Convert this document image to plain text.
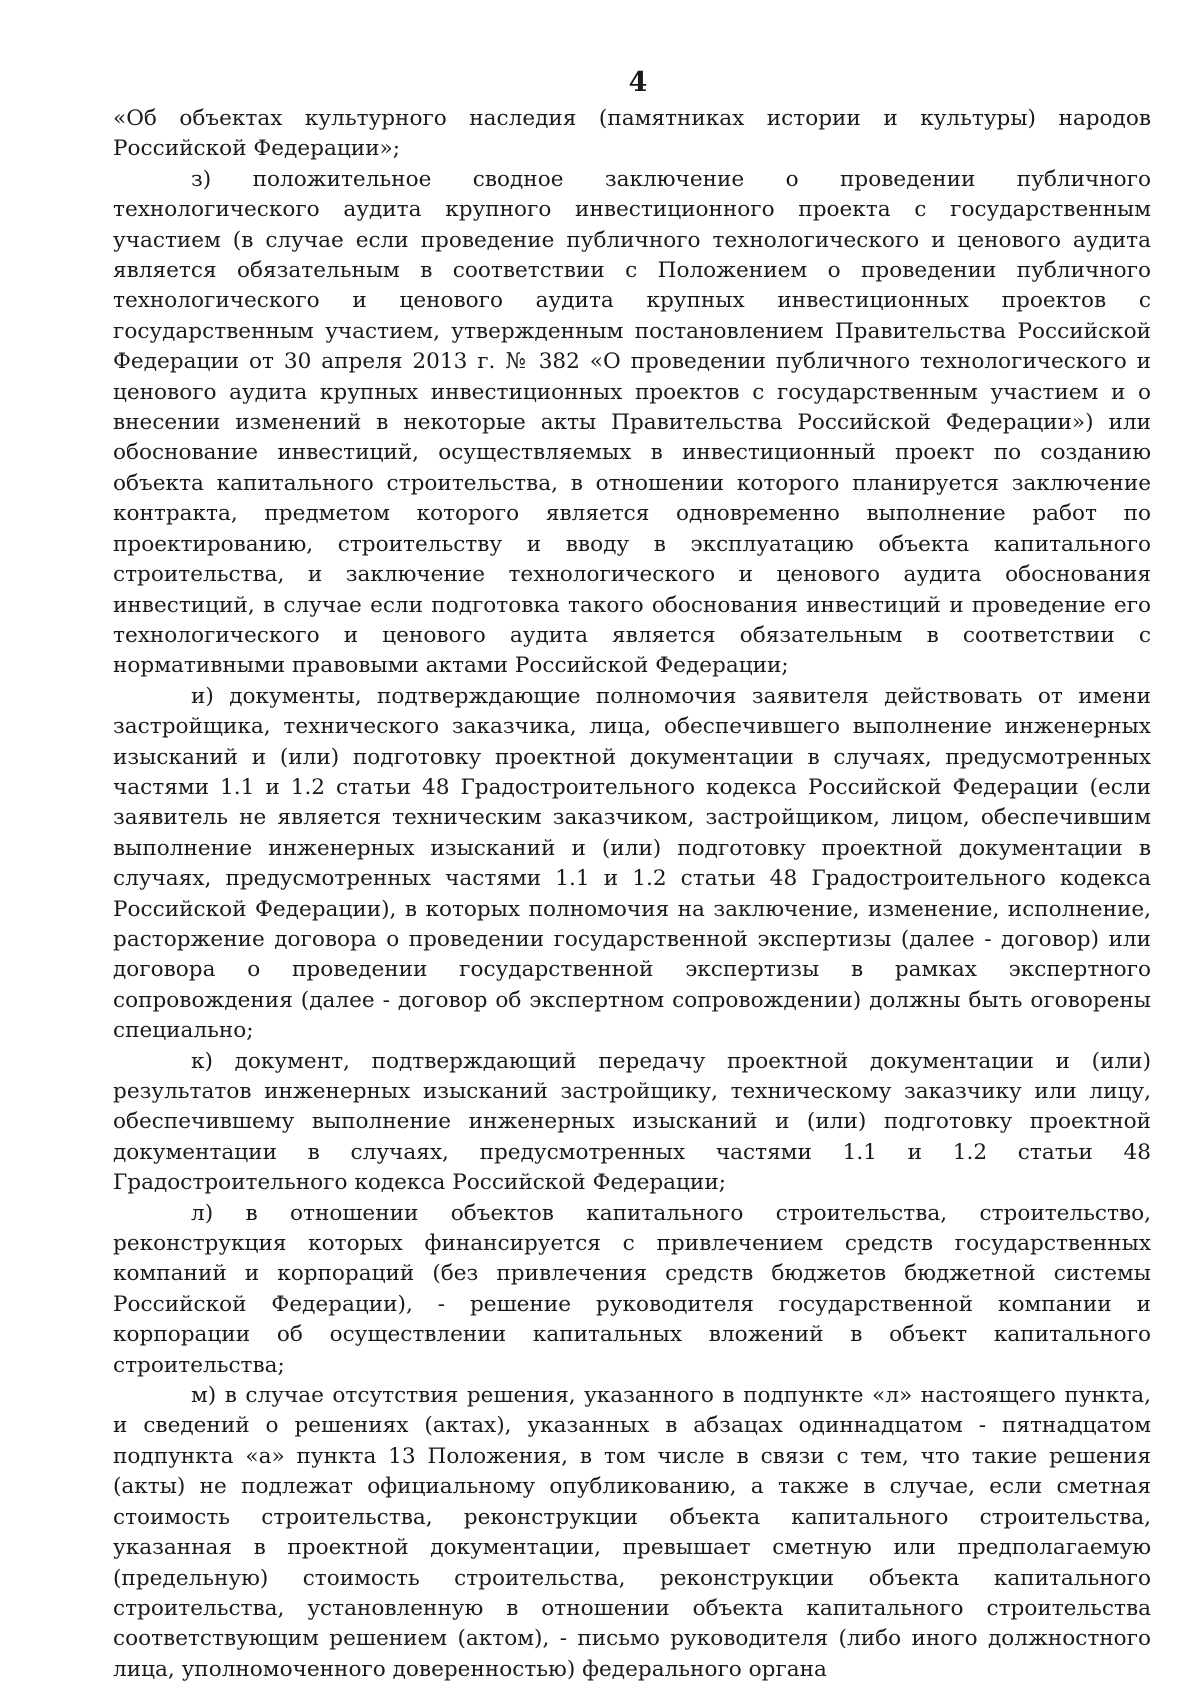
4

«Об объектах культурного наследия (памятниках истории и культуры) народов Российской Федерации»;

з) положительное сводное заключение о проведении публичного технологического аудита крупного инвестиционного проекта с государственным участием (в случае если проведение публичного технологического и ценового аудита является обязательным в соответствии с Положением о проведении публичного технологического и ценового аудита крупных инвестиционных проектов с государственным участием, утвержденным постановлением Правительства Российской Федерации от 30 апреля 2013 г. № 382 «О проведении публичного технологического и ценового аудита крупных инвестиционных проектов с государственным участием и о внесении изменений в некоторые акты Правительства Российской Федерации») или обоснование инвестиций, осуществляемых в инвестиционный проект по созданию объекта капитального строительства, в отношении которого планируется заключение контракта, предметом которого является одновременно выполнение работ по проектированию, строительству и вводу в эксплуатацию объекта капитального строительства, и заключение технологического и ценового аудита обоснования инвестиций, в случае если подготовка такого обоснования инвестиций и проведение его технологического и ценового аудита является обязательным в соответствии с нормативными правовыми актами Российской Федерации;

и) документы, подтверждающие полномочия заявителя действовать от имени застройщика, технического заказчика, лица, обеспечившего выполнение инженерных изысканий и (или) подготовку проектной документации в случаях, предусмотренных частями 1.1 и 1.2 статьи 48 Градостроительного кодекса Российской Федерации (если заявитель не является техническим заказчиком, застройщиком, лицом, обеспечившим выполнение инженерных изысканий и (или) подготовку проектной документации в случаях, предусмотренных частями 1.1 и 1.2 статьи 48 Градостроительного кодекса Российской Федерации), в которых полномочия на заключение, изменение, исполнение, расторжение договора о проведении государственной экспертизы (далее - договор) или договора о проведении государственной экспертизы в рамках экспертного сопровождения (далее - договор об экспертном сопровождении) должны быть оговорены специально;

к) документ, подтверждающий передачу проектной документации и (или) результатов инженерных изысканий застройщику, техническому заказчику или лицу, обеспечившему выполнение инженерных изысканий и (или) подготовку проектной документации в случаях, предусмотренных частями 1.1 и 1.2 статьи 48 Градостроительного кодекса Российской Федерации;

л) в отношении объектов капитального строительства, строительство, реконструкция которых финансируется с привлечением средств государственных компаний и корпораций (без привлечения средств бюджетов бюджетной системы Российской Федерации), - решение руководителя государственной компании и корпорации об осуществлении капитальных вложений в объект капитального строительства;

м) в случае отсутствия решения, указанного в подпункте «л» настоящего пункта, и сведений о решениях (актах), указанных в абзацах одиннадцатом - пятнадцатом подпункта «а» пункта 13 Положения, в том числе в связи с тем, что такие решения (акты) не подлежат официальному опубликованию, а также в случае, если сметная стоимость строительства, реконструкции объекта капитального строительства, указанная в проектной документации, превышает сметную или предполагаемую (предельную) стоимость строительства, реконструкции объекта капитального строительства, установленную в отношении объекта капитального строительства соответствующим решением (актом), - письмо руководителя (либо иного должностного лица, уполномоченного доверенностью) федерального органа
